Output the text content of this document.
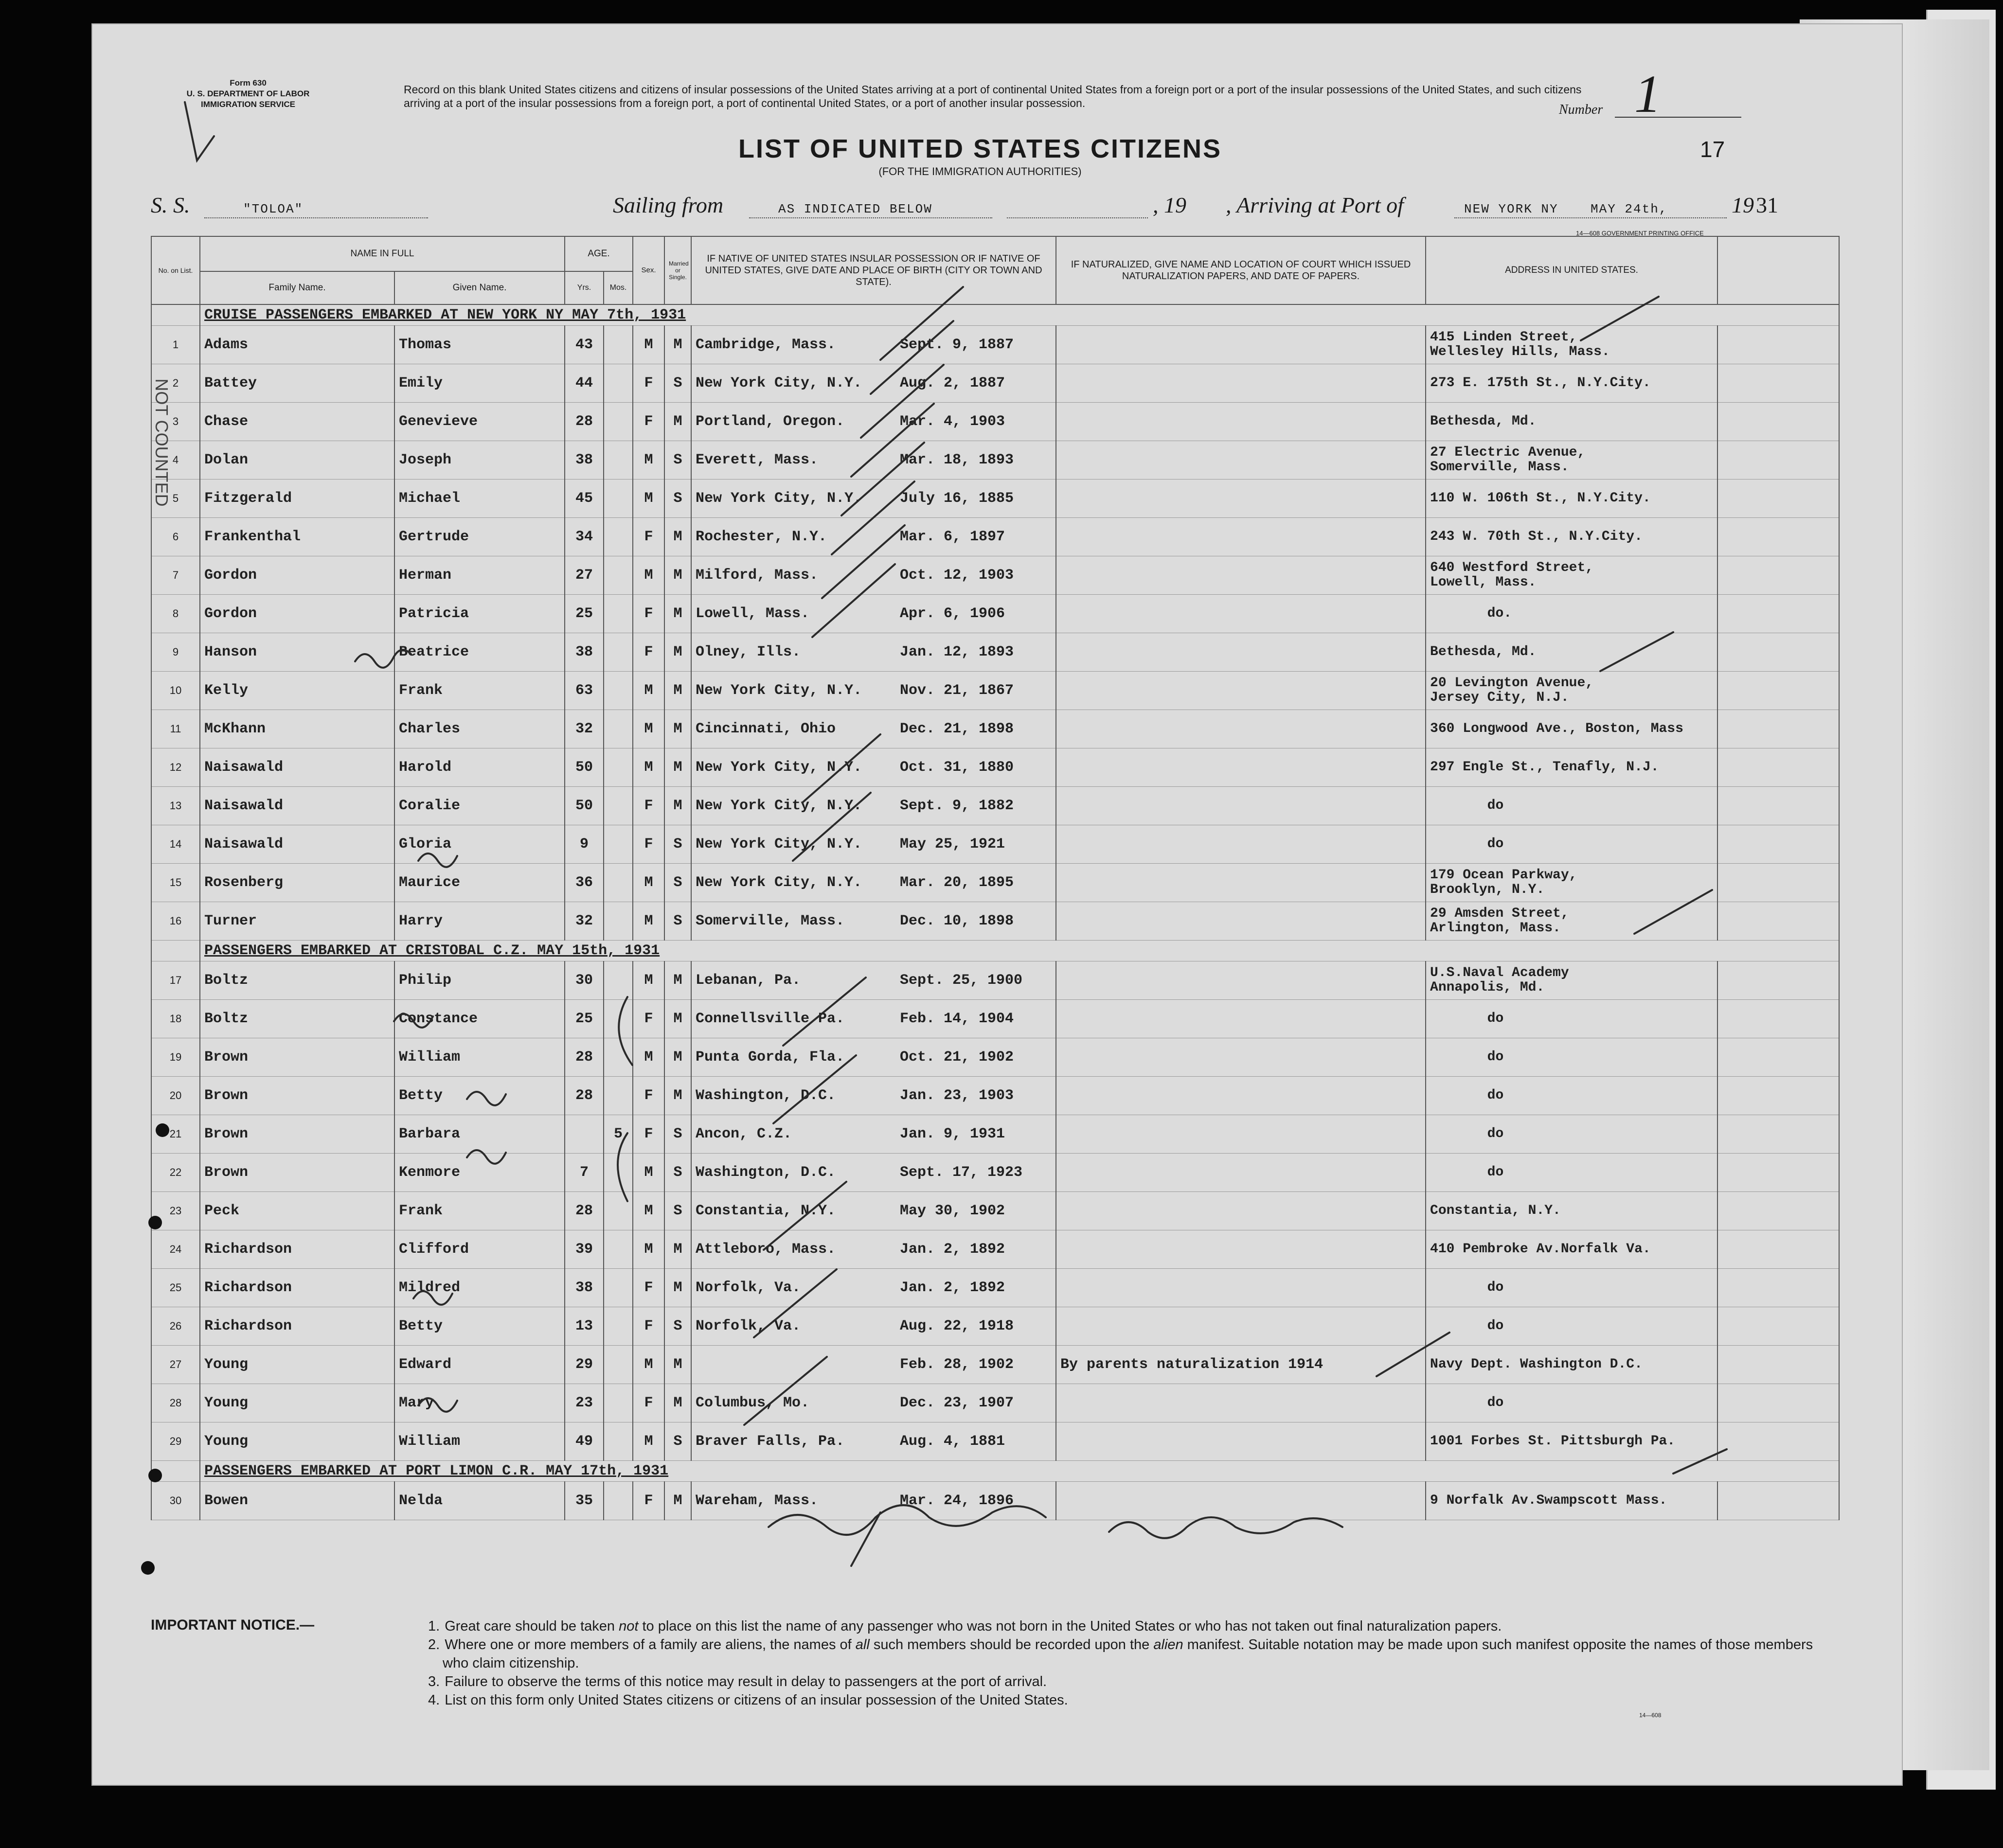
Form 630
U. S. DEPARTMENT OF LABOR
IMMIGRATION SERVICE
Record on this blank United States citizens and citizens of insular possessions of the United States arriving at a port of continental United States from a foreign port or a port of the insular possessions of the United States, and such citizens arriving at a port of the insular possessions from a foreign port, a port of continental United States, or a port of another insular possession.	Number 1
LIST OF UNITED STATES CITIZENS
(FOR THE IMMIGRATION AUTHORITIES)
17
S. S.	"TOLOA"	Sailing from	AS INDICATED BELOW	, 19 , Arriving at Port of	NEW YORK NY	MAY 24th,	19 31
14—608 GOVERNMENT PRINTING OFFICE
No. on List.	NAME IN FULL		AGE.		Sex.	Married or Single.	IF NATIVE OF UNITED STATES INSULAR POSSESSION OR IF NATIVE OF UNITED STATES, GIVE DATE AND PLACE OF BIRTH (CITY OR TOWN AND STATE).	IF NATURALIZED, GIVE NAME AND LOCATION OF COURT WHICH ISSUED NATURALIZATION PAPERS, AND DATE OF PAPERS.	ADDRESS IN UNITED STATES.	
	Family Name.	Given Name.	Yrs.	Mos.						
	CRUISE PASSENGERS EMBARKED AT NEW YORK NY MAY 7th, 1931									
1	Adams	Thomas	43		M	M	Cambridge, Mass. Sept. 9, 1887		415 Linden Street,
Wellesley Hills, Mass.	
2	Battey	Emily	44		F	S	New York City, N.Y. Aug. 2, 1887		273 E. 175th St., N.Y.City.	
3	Chase	Genevieve	28		F	M	Portland, Oregon. Mar. 4, 1903		Bethesda, Md.	
4	Dolan	Joseph	38		M	S	Everett, Mass. Mar. 18, 1893		27 Electric Avenue,
Somerville, Mass.	
5	Fitzgerald	Michael	45		M	S	New York City, N.Y. July 16, 1885		110 W. 106th St., N.Y.City.	
6	Frankenthal	Gertrude	34		F	M	Rochester, N.Y. Mar. 6, 1897		243 W. 70th St., N.Y.City.	
7	Gordon	Herman	27		M	M	Milford, Mass. Oct. 12, 1903		640 Westford Street,
Lowell, Mass.	
8	Gordon	Patricia	25		F	M	Lowell, Mass. Apr. 6, 1906		do.	
9	Hanson	Beatrice	38		F	M	Olney, Ills. Jan. 12, 1893		Bethesda, Md.	
10	Kelly	Frank	63		M	M	New York City, N.Y. Nov. 21, 1867		20 Levington Avenue,
Jersey City, N.J.	
11	McKhann	Charles	32		M	M	Cincinnati, Ohio Dec. 21, 1898		360 Longwood Ave., Boston, Mass	
12	Naisawald	Harold	50		M	M	New York City, N.Y. Oct. 31, 1880		297 Engle St., Tenafly, N.J.	
13	Naisawald	Coralie	50		F	M	New York City, N.Y. Sept. 9, 1882		do	
14	Naisawald	Gloria	9		F	S	New York City, N.Y. May 25, 1921		do	
15	Rosenberg	Maurice	36		M	S	New York City, N.Y. Mar. 20, 1895		179 Ocean Parkway,
Brooklyn, N.Y.	
16	Turner	Harry	32		M	S	Somerville, Mass. Dec. 10, 1898		29 Amsden Street,
Arlington, Mass.	
	PASSENGERS EMBARKED AT CRISTOBAL C.Z. MAY 15th, 1931									
17	Boltz	Philip	30		M	M	Lebanan, Pa. Sept. 25, 1900		U.S.Naval Academy
Annapolis, Md.	
18	Boltz	Constance	25		F	M	Connellsville Pa. Feb. 14, 1904		do	
19	Brown	William	28		M	M	Punta Gorda, Fla. Oct. 21, 1902		do	
20	Brown	Betty	28		F	M	Washington, D.C. Jan. 23, 1903		do	
21	Brown	Barbara		5	F	S	Ancon, C.Z. Jan. 9, 1931		do	
22	Brown	Kenmore	7		M	S	Washington, D.C. Sept. 17, 1923		do	
23	Peck	Frank	28		M	S	Constantia, N.Y. May 30, 1902		Constantia, N.Y.	
24	Richardson	Clifford	39		M	M	Attleboro, Mass. Jan. 2, 1892		410 Pembroke Av.Norfalk Va.	
25	Richardson	Mildred	38		F	M	Norfolk, Va. Jan. 2, 1892		do	
26	Richardson	Betty	13		F	S	Norfolk, Va. Aug. 22, 1918		do	
27	Young	Edward	29		M	M	Feb. 28, 1902	By parents naturalization 1914	Navy Dept. Washington D.C.	
28	Young	Mary	23		F	M	Columbus, Mo. Dec. 23, 1907		do	
29	Young	William	49		M	S	Braver Falls, Pa. Aug. 4, 1881		1001 Forbes St. Pittsburgh Pa.	
	PASSENGERS EMBARKED AT PORT LIMON C.R. MAY 17th, 1931									
30	Bowen	Nelda	35		F	M	Wareham, Mass. Mar. 24, 1896		9 Norfalk Av.Swampscott Mass.	
IMPORTANT NOTICE.—	1. Great care should be taken not to place on this list the name of any passenger who was not born in the United States or who has not taken out final naturalization papers.
2. Where one or more members of a family are aliens, the names of all such members should be recorded upon the alien manifest. Suitable notation may be made upon such manifest opposite the names of those members who claim citizenship.
3. Failure to observe the terms of this notice may result in delay to passengers at the port of arrival.
4. List on this form only United States citizens or citizens of an insular possession of the United States.
14—608
NOT COUNTED
